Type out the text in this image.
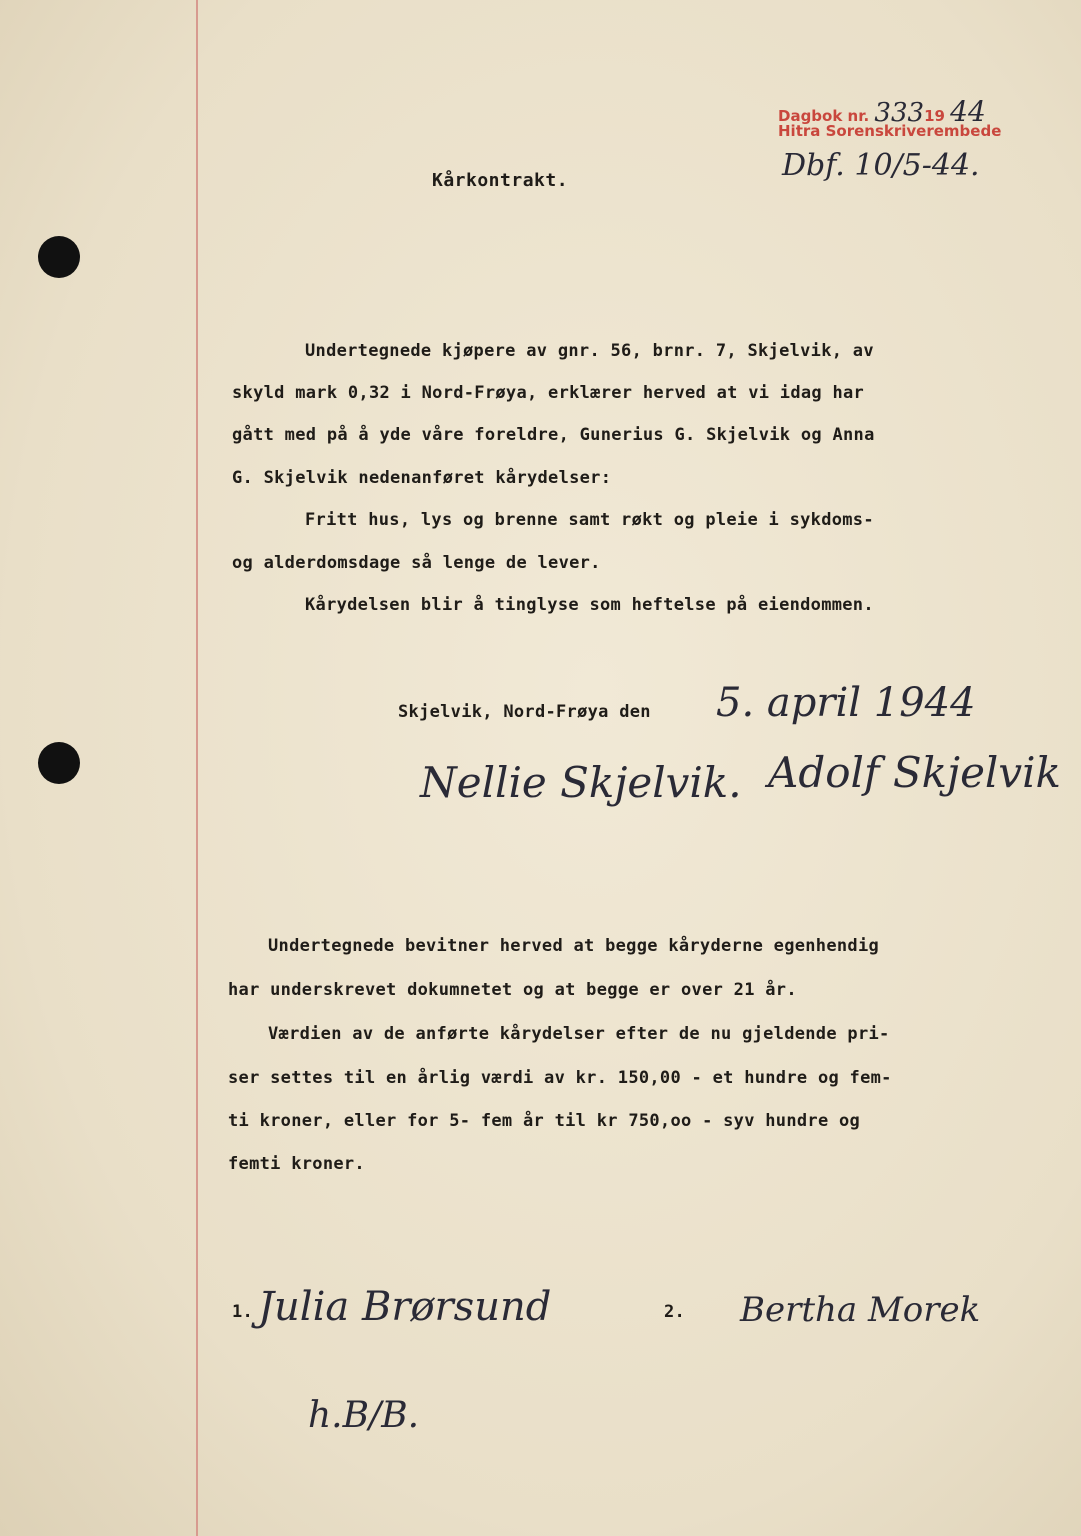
Dagbok nr. 33319 44
Hitra Sorenskriverembede
Dbf. 10/5-44.
Kårkontrakt.
Undertegnede kjøpere av gnr. 56, brnr. 7, Skjelvik, av
skyld mark 0,32 i Nord-Frøya, erklærer herved at vi idag har
gått med på å yde våre foreldre, Gunerius G. Skjelvik og Anna
G. Skjelvik nedenanføret kårydelser:
Fritt hus, lys og brenne samt røkt og pleie i sykdoms-
og alderdomsdage så lenge de lever.
Kårydelsen blir å tinglyse som heftelse på eiendommen.
Skjelvik, Nord-Frøya den 5. april 1944
Nellie Skjelvik. Adolf Skjelvik
Undertegnede bevitner herved at begge kåryderne egenhendig
har underskrevet dokumnetet og at begge er over 21 år.
Værdien av de anførte kårydelser efter de nu gjeldende pri-
ser settes til en årlig værdi av kr. 150,00 - et hundre og fem-
ti kroner, eller for 5- fem år til kr 750,oo - syv hundre og
femti kroner.
1. Julia Brørsund	2. Bertha Morek
h.B/B.
